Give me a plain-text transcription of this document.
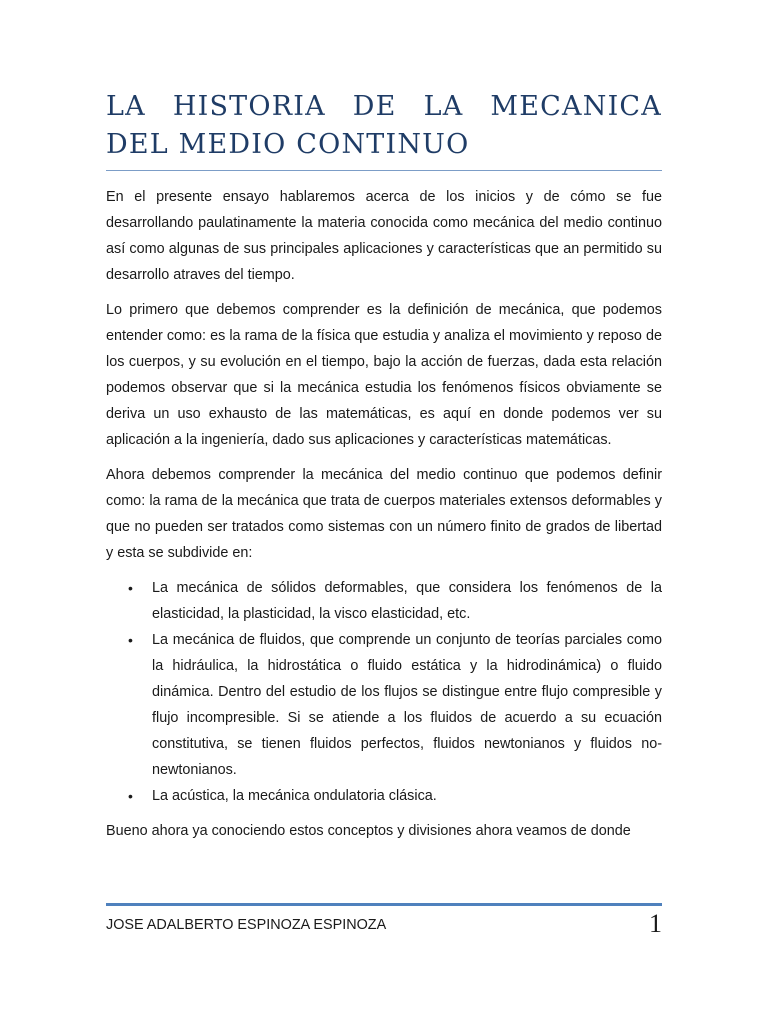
LA HISTORIA DE LA MECANICA DEL MEDIO CONTINUO

En el presente ensayo hablaremos acerca de los inicios y de cómo se fue desarrollando paulatinamente la materia conocida como mecánica del medio continuo así como algunas de sus principales aplicaciones y características que an permitido su desarrollo atraves del tiempo.

Lo primero que debemos comprender es la definición de mecánica, que podemos entender como: es la rama de la física que estudia y analiza el movimiento y reposo de los cuerpos, y su evolución en el tiempo, bajo la acción de fuerzas, dada esta relación podemos observar que si la mecánica estudia los fenómenos físicos obviamente se deriva un uso exhausto de las matemáticas, es aquí en donde podemos ver su aplicación a la ingeniería, dado sus aplicaciones y características matemáticas.

Ahora debemos comprender la mecánica del medio continuo que podemos definir como: la rama de la mecánica que trata de cuerpos materiales extensos deformables y que no pueden ser tratados como sistemas con un número finito de grados de libertad y esta se subdivide en:

• La mecánica de sólidos deformables, que considera los fenómenos de la elasticidad, la plasticidad, la visco elasticidad, etc.
• La mecánica de fluidos, que comprende un conjunto de teorías parciales como la hidráulica, la hidrostática o fluido estática y la hidrodinámica) o fluido dinámica. Dentro del estudio de los flujos se distingue entre flujo compresible y flujo incompresible. Si se atiende a los fluidos de acuerdo a su ecuación constitutiva, se tienen fluidos perfectos, fluidos newtonianos y fluidos no-newtonianos.
• La acústica, la mecánica ondulatoria clásica.

Bueno ahora ya conociendo estos conceptos y divisiones ahora veamos de donde

JOSE ADALBERTO ESPINOZA ESPINOZA	1
